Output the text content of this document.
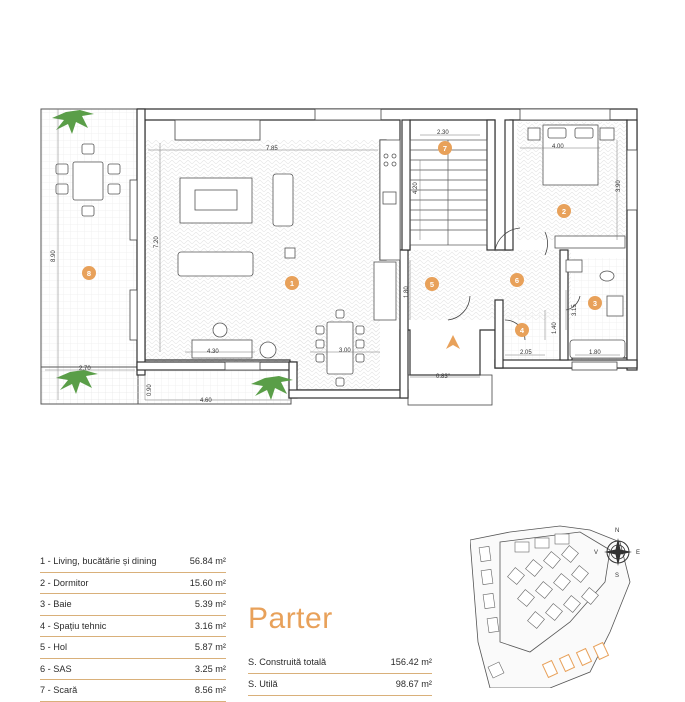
7.85
7.20
8.90
4.30	3.00
2.70
0.90
4.60
2.30
4.20
1.80
0.83"
4.00
3.90
3.15
1.40
2.05	1.80
1
2
3
4
5	6
7
8
1 - Living, bucătărie și dining	56.84 m²
2 - Dormitor	15.60 m²
3 - Baie	5.39 m²
4 - Spațiu tehnic	3.16 m²
5 - Hol	5.87 m²
6 - SAS	3.25 m²
7 - Scară	8.56 m²
Parter
S. Construită totală	156.42 m²
S. Utilă	98.67 m²
N
S
V	E
